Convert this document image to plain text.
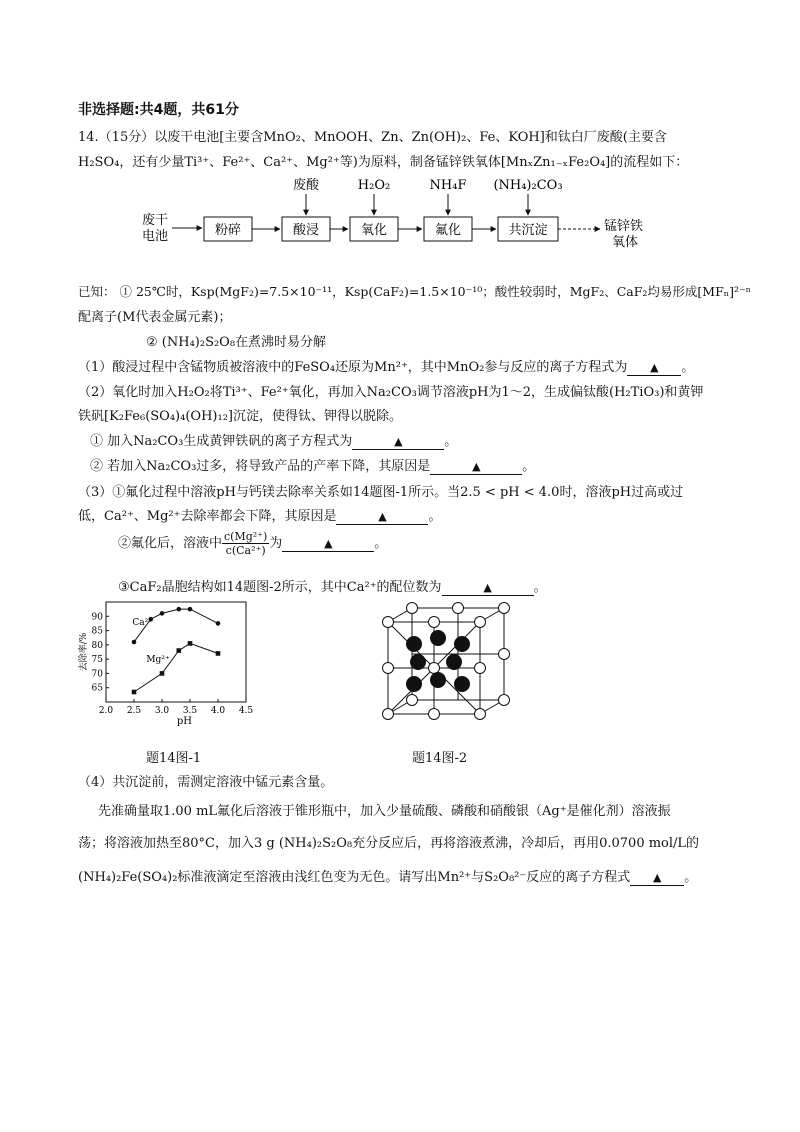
非选择题:共4题，共61分
14.（15分）以废干电池[主要含MnO₂、MnOOH、Zn、Zn(OH)₂、Fe、KOH]和钛白厂废酸(主要含
H₂SO₄，还有少量Ti³⁺、Fe²⁺、Ca²⁺、Mg²⁺等)为原料，制备锰锌铁氧体[MnₓZn₁₋ₓFe₂O₄]的流程如下：
废干
电池	粉碎	酸浸	氧化	氟化	共沉淀	锰锌铁
氧体
废酸	H₂O₂	NH₄F (NH₄)₂CO₃
已知： ① 25℃时，Ksp(MgF₂)=7.5×10⁻¹¹，Ksp(CaF₂)=1.5×10⁻¹⁰；酸性较弱时，MgF₂、CaF₂均易形成[MFₙ]²⁻ⁿ
配离子(M代表金属元素)；
② (NH₄)₂S₂O₈在煮沸时易分解
（1）酸浸过程中含锰物质被溶液中的FeSO₄还原为Mn²⁺，其中MnO₂参与反应的离子方程式为 ▲ 。
（2）氧化时加入H₂O₂将Ti³⁺、Fe²⁺氧化，再加入Na₂CO₃调节溶液pH为1～2，生成偏钛酸(H₂TiO₃)和黄钾
铁矾[K₂Fe₆(SO₄)₄(OH)₁₂]沉淀，使得钛、钾得以脱除。
① 加入Na₂CO₃生成黄钾铁矾的离子方程式为	▲	。
② 若加入Na₂CO₃过多，将导致产品的产率下降，其原因是	▲	。
（3）①氟化过程中溶液pH与钙镁去除率关系如14题图-1所示。当2.5 < pH < 4.0时，溶液pH过高或过
低，Ca²⁺、Mg²⁺去除率都会下降，其原因是	▲	。
②氟化后，溶液中 $\frac{\text{c(Mg²⁺)}}{\text{c(Ca²⁺)}}$ 为	▲	。
③CaF₂晶胞结构如14题图-2所示，其中Ca²⁺的配位数为	▲	。
2.0 2.5 3.0 3.5 4.0 4.5
65
70
75
80
85
90
pH
去除率/%
Ca²⁺
Mg²⁺
题14图-1	题14图-2
（4）共沉淀前，需测定溶液中锰元素含量。
先准确量取1.00 mL氟化后溶液于锥形瓶中，加入少量硫酸、磷酸和硝酸银（Ag⁺是催化剂）溶液振
荡；将溶液加热至80°C，加入3 g (NH₄)₂S₂O₈充分反应后，再将溶液煮沸，冷却后，再用0.0700 mol/L的
(NH₄)₂Fe(SO₄)₂标准液滴定至溶液由浅红色变为无色。请写出Mn²⁺与S₂O₈²⁻反应的离子方程式 ▲ 。
